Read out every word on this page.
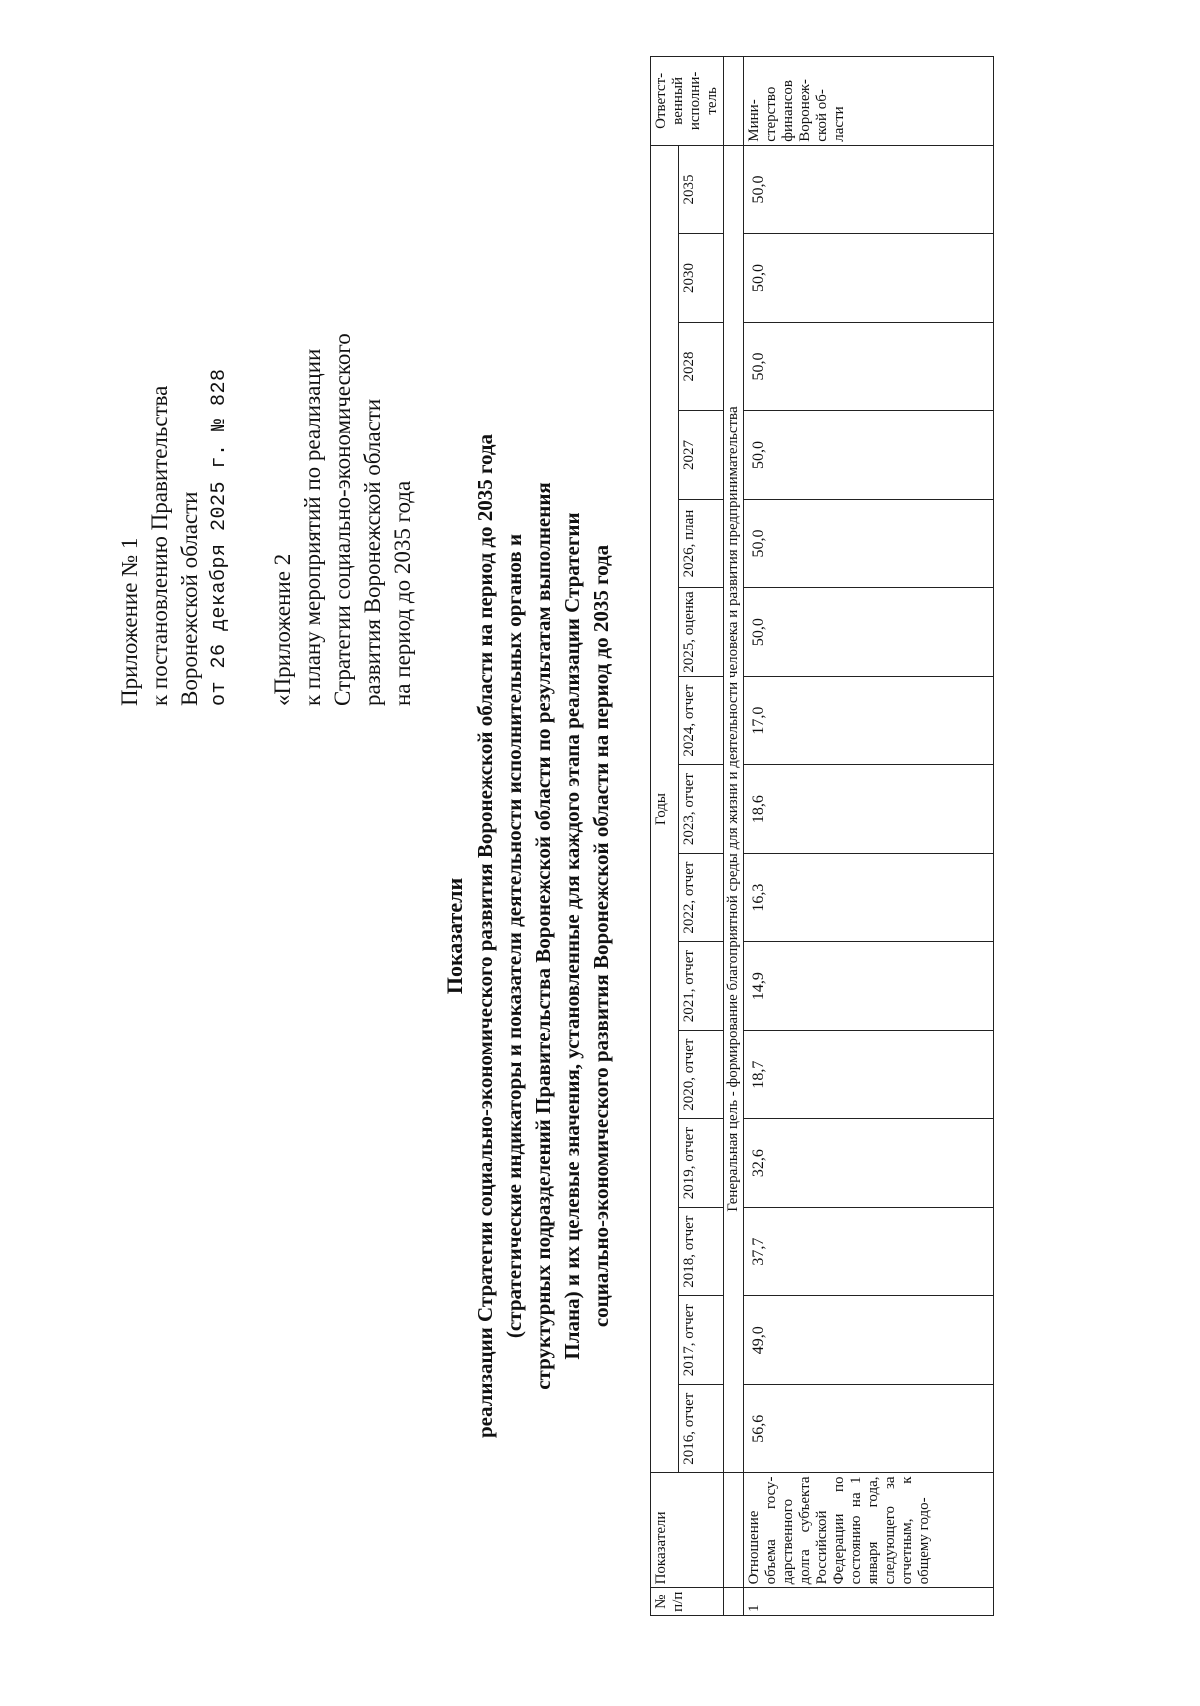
Приложение № 1 к постановлению Правительства Воронежской области от 26 декабря 2025 г. № 828 «Приложение 2 к плану мероприятий по реализации Стратегии социально-экономического развития Воронежской области на период до 2035 года
Показатели реализации Стратегии социально-экономического развития Воронежской области на период до 2035 года (стратегические индикаторы и показатели деятельности исполнительных органов и структурных подразделений Правительства Воронежской области по результатам выполнения Плана) и их целевые значения, установленные для каждого этапа реализации Стратегии социально-экономического развития Воронежской области на период до 2035 года
№ п/п	Показатели	Годы															Ответст-венный исполни-тель
		2016, отчет	2017, отчет	2018, отчет	2019, отчет	2020, отчет	2021, отчет	2022, отчет	2023, отчет	2024, отчет	2025, оценка	2026, план	2027	2028	2030	2035	
		Генеральная цель - формирование благоприятной среды для жизни и деятельности человека и развития предпринимательства															
1	Отношение объема госу-дарственного долга субъекта Российской Федерации по состоянию на 1 января года, следующего за отчетным, к общему годо-	56,6	49,0	37,7	32,6	18,7	14,9	16,3	18,6	17,0	50,0	50,0	50,0	50,0	50,0	50,0	Мини-стерство финансов Воронеж-ской об-ласти
